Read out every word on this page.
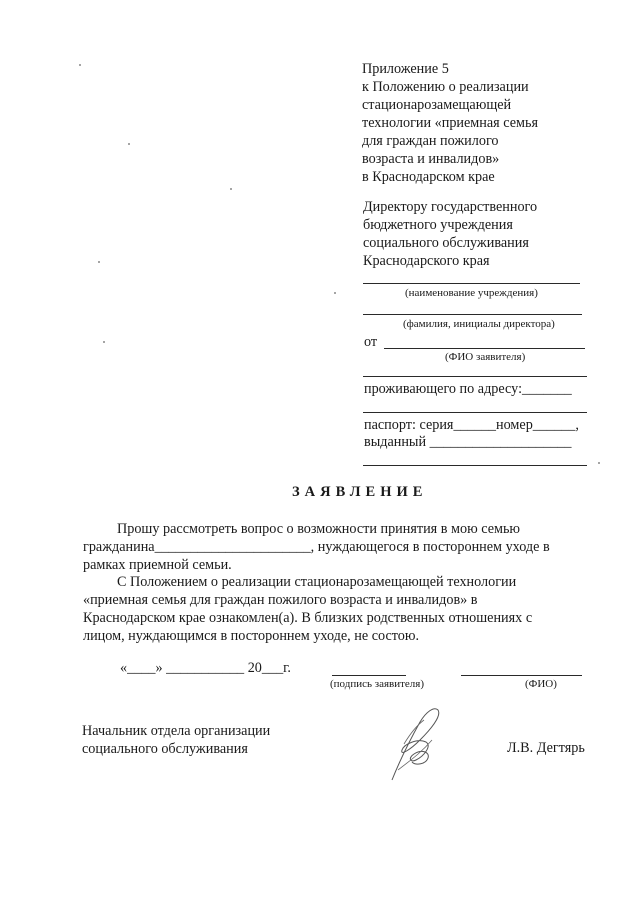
Приложение 5
к Положению о реализации
стационарозамещающей
технологии «приемная семья
для граждан пожилого
возраста и инвалидов»
в Краснодарском крае
Директору государственного
бюджетного учреждения
социального обслуживания
Краснодарского края
(наименование учреждения)
(фамилия, инициалы директора)
от
(ФИО заявителя)
проживающего по адресу:_______
паспорт: серия______номер______,
выданный ____________________
ЗАЯВЛЕНИЕ
Прошу рассмотреть вопрос о возможности принятия в мою семью
гражданина______________________, нуждающегося в постороннем уходе в
рамках приемной семьи.
С Положением о реализации стационарозамещающей технологии
«приемная семья для граждан пожилого возраста и инвалидов» в
Краснодарском крае ознакомлен(а). В близких родственных отношениях с
лицом, нуждающимся в постороннем уходе, не состою.
«____» ___________ 20___г.
(подпись заявителя)	(ФИО)
Начальник отдела организации
социального обслуживания	Л.В. Дегтярь
